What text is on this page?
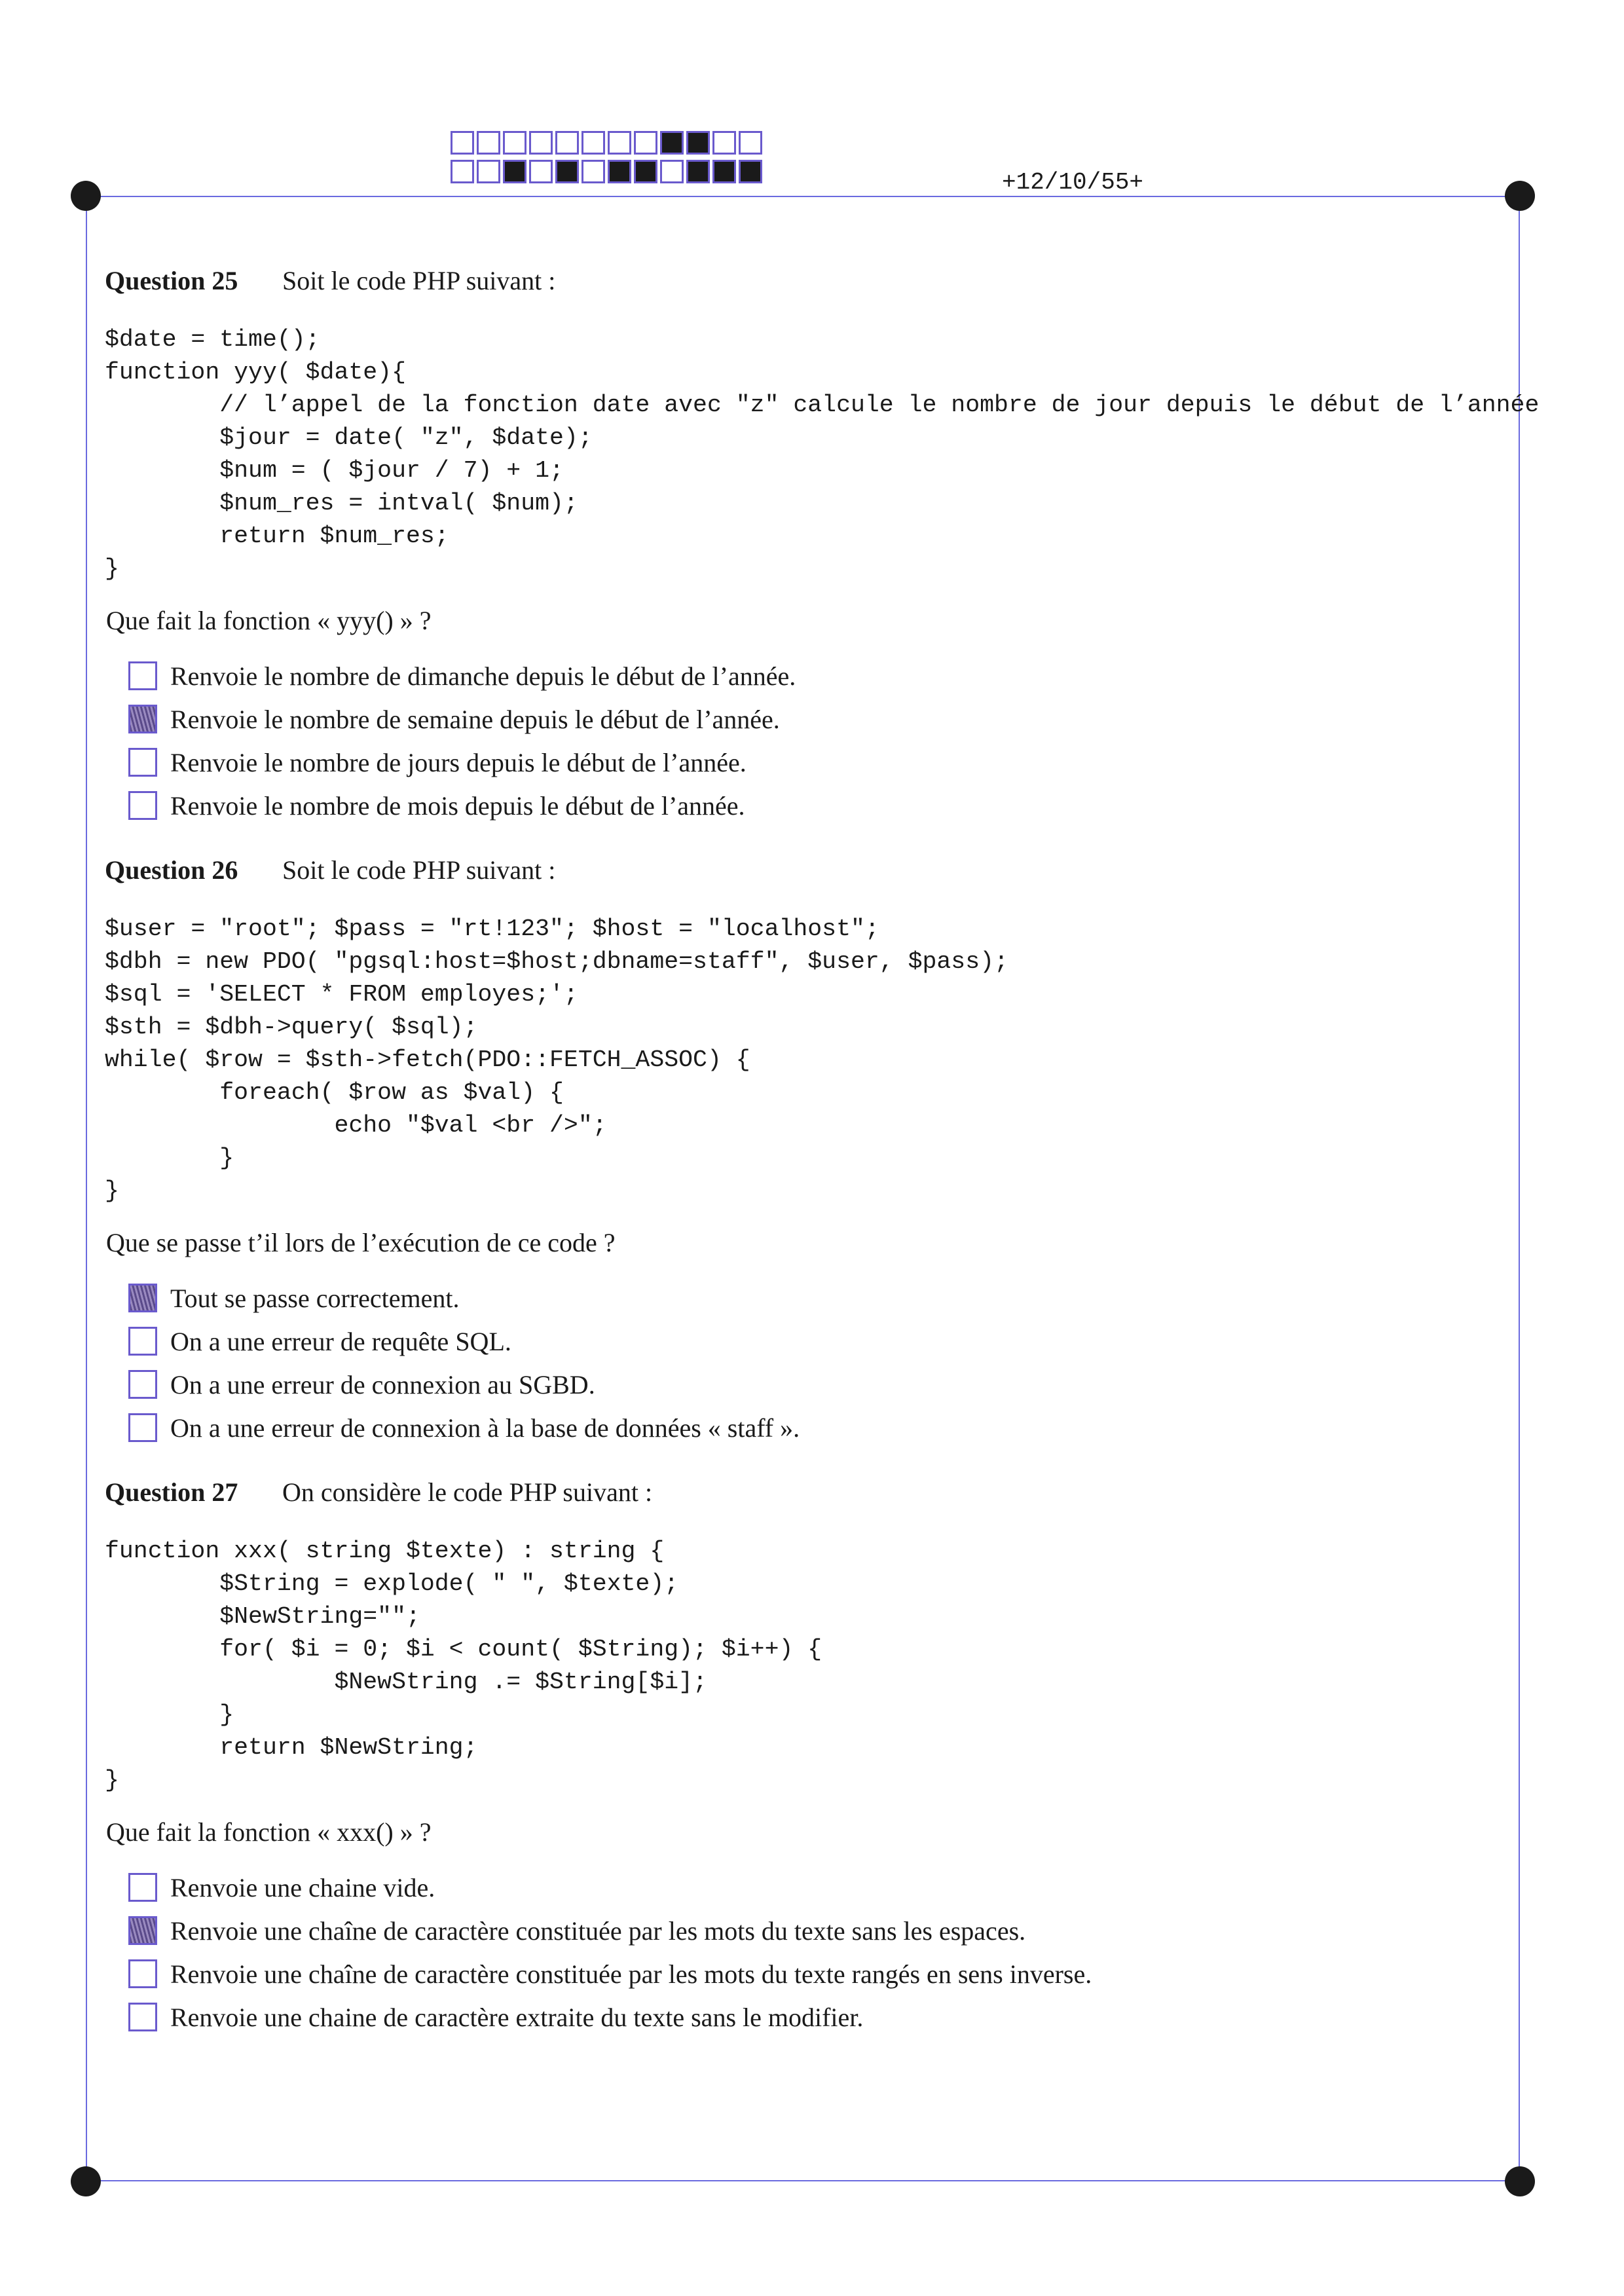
+12/10/55+
Question 25	Soit le code PHP suivant :
$date = time();
function yyy( $date){
// l’appel de la fonction date avec "z" calcule le nombre de jour depuis le début de l’année
$jour = date( "z", $date);
$num = ( $jour / 7) + 1;
$num_res = intval( $num);
return $num_res;
}
Que fait la fonction « yyy() » ?
Renvoie le nombre de dimanche depuis le début de l’année.
Renvoie le nombre de semaine depuis le début de l’année.
Renvoie le nombre de jours depuis le début de l’année.
Renvoie le nombre de mois depuis le début de l’année.
Question 26	Soit le code PHP suivant :
$user = "root"; $pass = "rt!123"; $host = "localhost";
$dbh = new PDO( "pgsql:host=$host;dbname=staff", $user, $pass);
$sql = 'SELECT * FROM employes;';
$sth = $dbh->query( $sql);
while( $row = $sth->fetch(PDO::FETCH_ASSOC) {
foreach( $row as $val) {
echo "$val <br />";
}
}
Que se passe t’il lors de l’exécution de ce code ?
Tout se passe correctement.
On a une erreur de requête SQL.
On a une erreur de connexion au SGBD.
On a une erreur de connexion à la base de données « staff ».
Question 27	On considère le code PHP suivant :
function xxx( string $texte) : string {
$String = explode( " ", $texte);
$NewString="";
for( $i = 0; $i < count( $String); $i++) {
$NewString .= $String[$i];
}
return $NewString;
}
Que fait la fonction « xxx() » ?
Renvoie une chaine vide.
Renvoie une chaîne de caractère constituée par les mots du texte sans les espaces.
Renvoie une chaîne de caractère constituée par les mots du texte rangés en sens inverse.
Renvoie une chaine de caractère extraite du texte sans le modifier.
